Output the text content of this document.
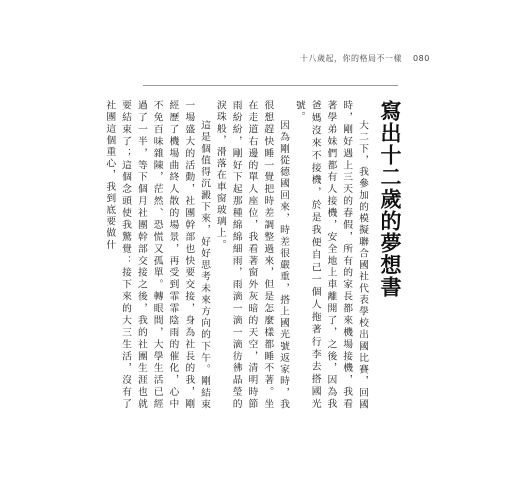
十八歲起，你的格局不一樣 080
寫出十二歲的夢想書

大二下，我參加的模擬聯合國社代表學校出國比賽，回國時，剛好遇上三天的春假，所有的家長都來機場接機，我看著學弟妹們都有人接機，安全地上車離開了，之後，因為我爸媽沒來不接機，於是我便自己一個人拖著行李去搭國光號。

因為剛從德國回來，時差很嚴重，搭上國光號返家時，我很想趕快睡一覺把時差調整過來，但是怎麼樣都睡不著。坐在走道右邊的單人座位，我看著窗外灰暗的天空，清明時節雨紛紛，剛好下起那種綿綿細雨，雨滴一滴一滴彷彿晶瑩的淚珠般，滑落在車窗玻璃上。

這是個值得沉澱下來，好好思考未來方向的下午。剛結束一場盛大的活動，社團幹部也快要交接，身為社長的我，剛經歷了機場曲終人散的場景，再受到霏霏陰雨的催化，心中不免百味雜陳，茫然、恐慌又孤單。轉眼間，大學生活已經過了一半，等下個月社團幹部交接之後，我的社團生涯也就要結束了；這個念頭使我驚覺：接下來的大三生活，沒有了社團這個重心，我到底要做什
